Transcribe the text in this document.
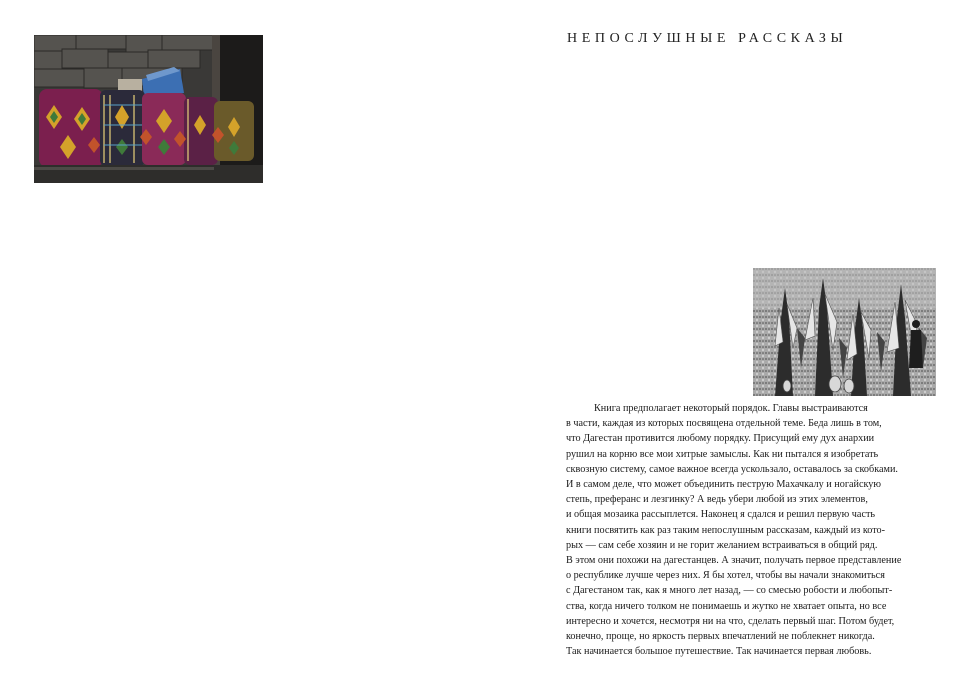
НЕПОСЛУШНЫЕ РАССКАЗЫ
Книга предполагает некоторый порядок. Главы выстраиваются
в части, каждая из которых посвящена отдельной теме. Беда лишь в том,
что Дагестан противится любому порядку. Присущий ему дух анархии
рушил на корню все мои хитрые замыслы. Как ни пытался я изобретать
сквозную систему, самое важное всегда ускользало, оставалось за скобками.
И в самом деле, что может объединить пеструю Махачкалу и ногайскую
степь, преферанс и лезгинку? А ведь убери любой из этих элементов,
и общая мозаика рассыплется. Наконец я сдался и решил первую часть
книги посвятить как раз таким непослушным рассказам, каждый из кото-
рых — сам себе хозяин и не горит желанием встраиваться в общий ряд.
В этом они похожи на дагестанцев. А значит, получать первое представление
о республике лучше через них. Я бы хотел, чтобы вы начали знакомиться
с Дагестаном так, как я много лет назад, — со смесью робости и любопыт-
ства, когда ничего толком не понимаешь и жутко не хватает опыта, но все
интересно и хочется, несмотря ни на что, сделать первый шаг. Потом будет,
конечно, проще, но яркость первых впечатлений не поблекнет никогда.
Так начинается большое путешествие. Так начинается первая любовь.
